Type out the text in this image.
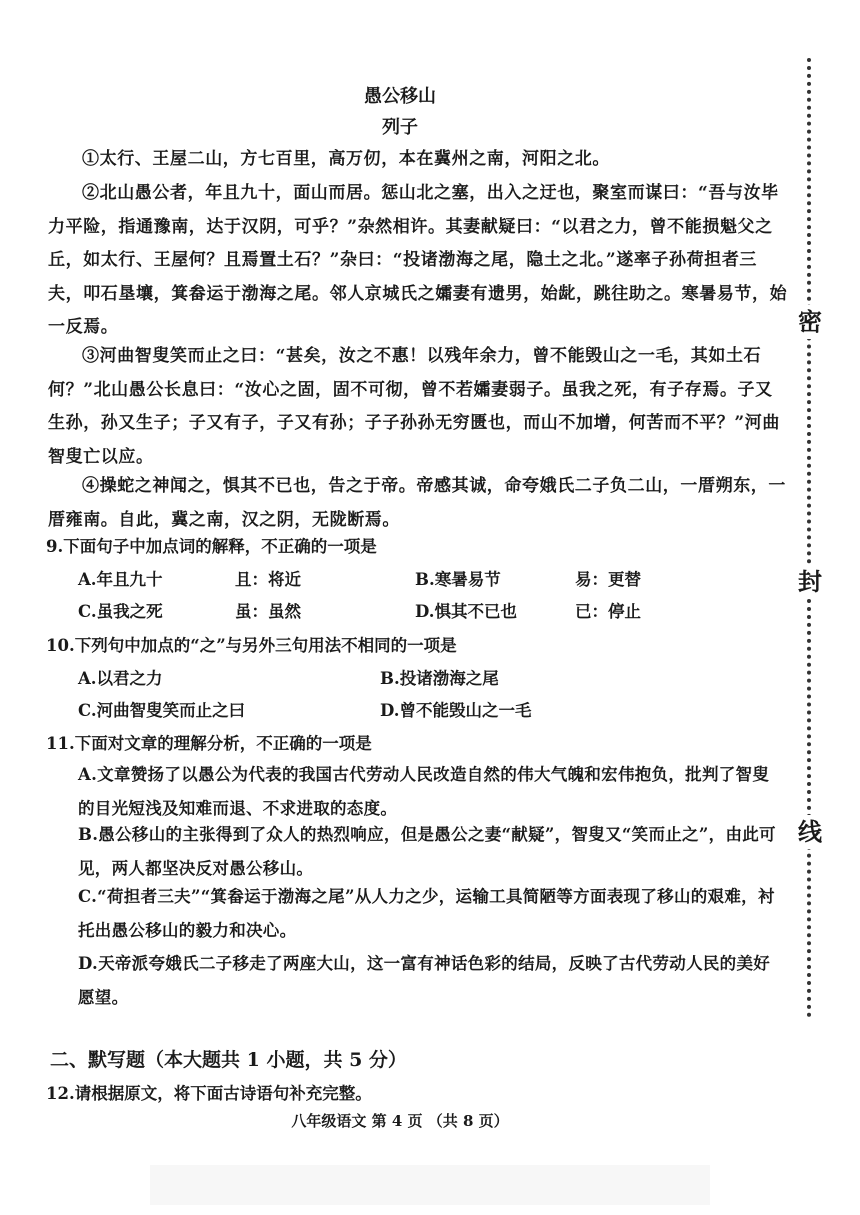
愚公移山
列子
①太行、王屋二山，方七百里，高万仞，本在冀州之南，河阳之北。
②北山愚公者，年且九十，面山而居。惩山北之塞，出入之迂也，聚室而谋曰：“吾与汝毕力平险，指通豫南，达于汉阴，可乎？”杂然相许。其妻献疑曰：“以君之力，曾不能损魁父之丘，如太行、王屋何？且焉置土石？”杂曰：“投诸渤海之尾，隐土之北。”遂率子孙荷担者三夫，叩石垦壤，箕畚运于渤海之尾。邻人京城氏之孀妻有遗男，始龀，跳往助之。寒暑易节，始一反焉。
③河曲智叟笑而止之曰：“甚矣，汝之不惠！以残年余力，曾不能毁山之一毛，其如土石何？”北山愚公长息曰：“汝心之固，固不可彻，曾不若孀妻弱子。虽我之死，有子存焉。子又生孙，孙又生子；子又有子，子又有孙；子子孙孙无穷匮也，而山不加增，何苦而不平？”河曲智叟亡以应。
④操蛇之神闻之，惧其不已也，告之于帝。帝感其诚，命夸娥氏二子负二山，一厝朔东，一厝雍南。自此，冀之南，汉之阴，无陇断焉。
9.下面句子中加点词的解释，不正确的一项是
A.年且九十	且：将近	B.寒暑易节	易：更替
C.虽我之死	虽：虽然	D.惧其不已也	已：停止
10.下列句中加点的“之”与另外三句用法不相同的一项是
A.以君之力	B.投诸渤海之尾
C.河曲智叟笑而止之曰	D.曾不能毁山之一毛
11.下面对文章的理解分析，不正确的一项是
A.文章赞扬了以愚公为代表的我国古代劳动人民改造自然的伟大气魄和宏伟抱负，批判了智叟的目光短浅及知难而退、不求进取的态度。
B.愚公移山的主张得到了众人的热烈响应，但是愚公之妻“献疑”，智叟又“笑而止之”，由此可见，两人都坚决反对愚公移山。
C.“荷担者三夫”“箕畚运于渤海之尾”从人力之少，运输工具简陋等方面表现了移山的艰难，衬托出愚公移山的毅力和决心。
D.天帝派夸娥氏二子移走了两座大山，这一富有神话色彩的结局，反映了古代劳动人民的美好愿望。
二、默写题（本大题共 1 小题，共 5 分）
12.请根据原文，将下面古诗语句补充完整。
八年级语文 第 4 页 （共 8 页）
密
封
线
